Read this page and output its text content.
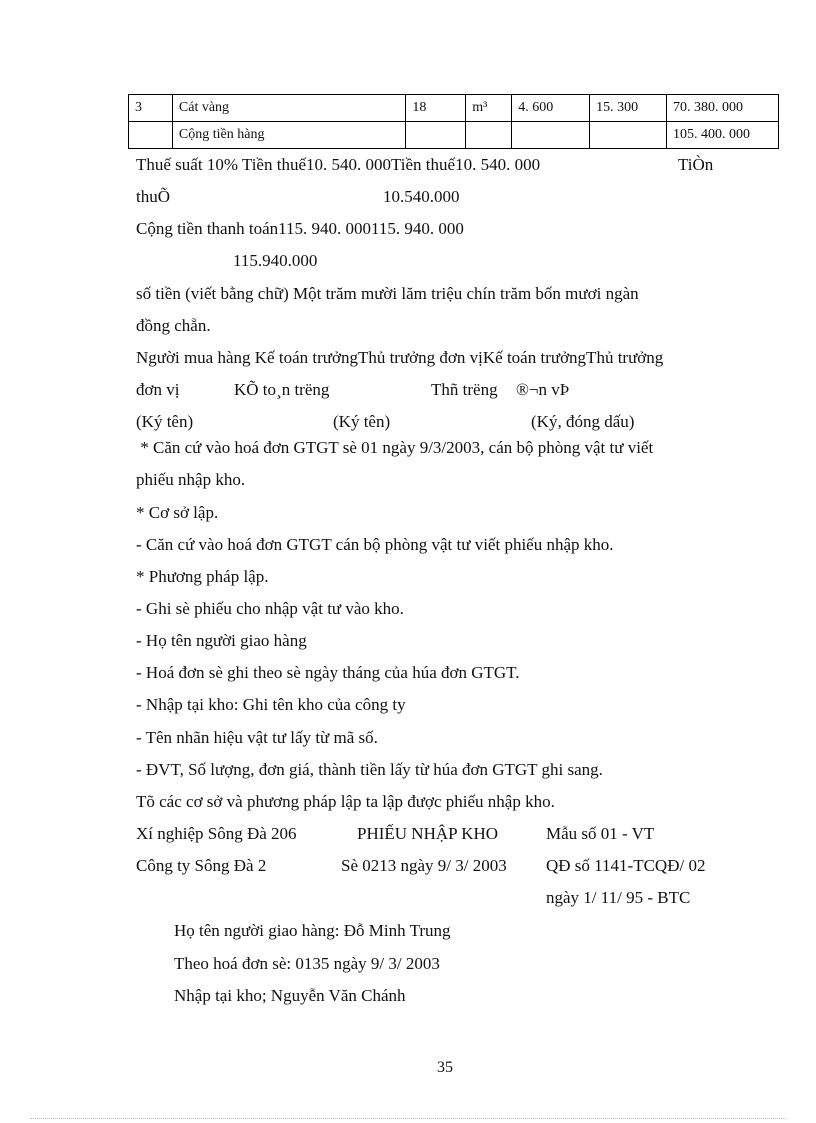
3	Cát vàng	18	m³	4. 600	15. 300	70. 380. 000
	Cộng tiền hàng					105. 400. 000
Thuế suất 10% Tiền thuế10. 540. 000Tiền thuế10. 540. 000	TiÒn
thuÕ	10.540.000
Cộng tiền thanh toán115. 940. 000115. 940. 000
115.940.000
số tiền (viết bằng chữ) Một trăm mười lăm triệu chín trăm bốn mươi ngàn
đồng chẵn.
Người mua hàng Kế toán trưởngThủ trưởng đơn vịKế toán trưởngThủ trưởng
đơn vị	KÕ to¸n trëng	Thñ trëng ®¬n vÞ
(Ký tên)	(Ký tên)	(Ký, đóng dấu)
* Căn cứ vào hoá đơn GTGT sè 01 ngày 9/3/2003, cán bộ phòng vật tư viết
phiếu nhập kho.
* Cơ sở lập.
- Căn cứ vào hoá đơn GTGT cán bộ phòng vật tư viết phiếu nhập kho.
* Phương pháp lập.
- Ghi sè phiếu cho nhập vật tư vào kho.
- Họ tên người giao hàng
- Hoá đơn sè ghi theo sè ngày tháng của húa đơn GTGT.
- Nhập tại kho: Ghi tên kho của công ty
- Tên nhãn hiệu vật tư lấy từ mã số.
- ĐVT, Số lượng, đơn giá, thành tiền lấy từ húa đơn GTGT ghi sang.
Tõ các cơ sở và phương pháp lập ta lập được phiếu nhập kho.
Xí nghiệp Sông Đà 206	PHIẾU NHẬP KHO	Mẫu số 01 - VT
Công ty Sông Đà 2	Sè 0213 ngày 9/ 3/ 2003 QĐ số 1141-TCQĐ/ 02
ngày 1/ 11/ 95 - BTC
Họ tên người giao hàng: Đỗ Minh Trung
Theo hoá đơn sè: 0135 ngày 9/ 3/ 2003
Nhập tại kho; Nguyễn Văn Chánh
35
